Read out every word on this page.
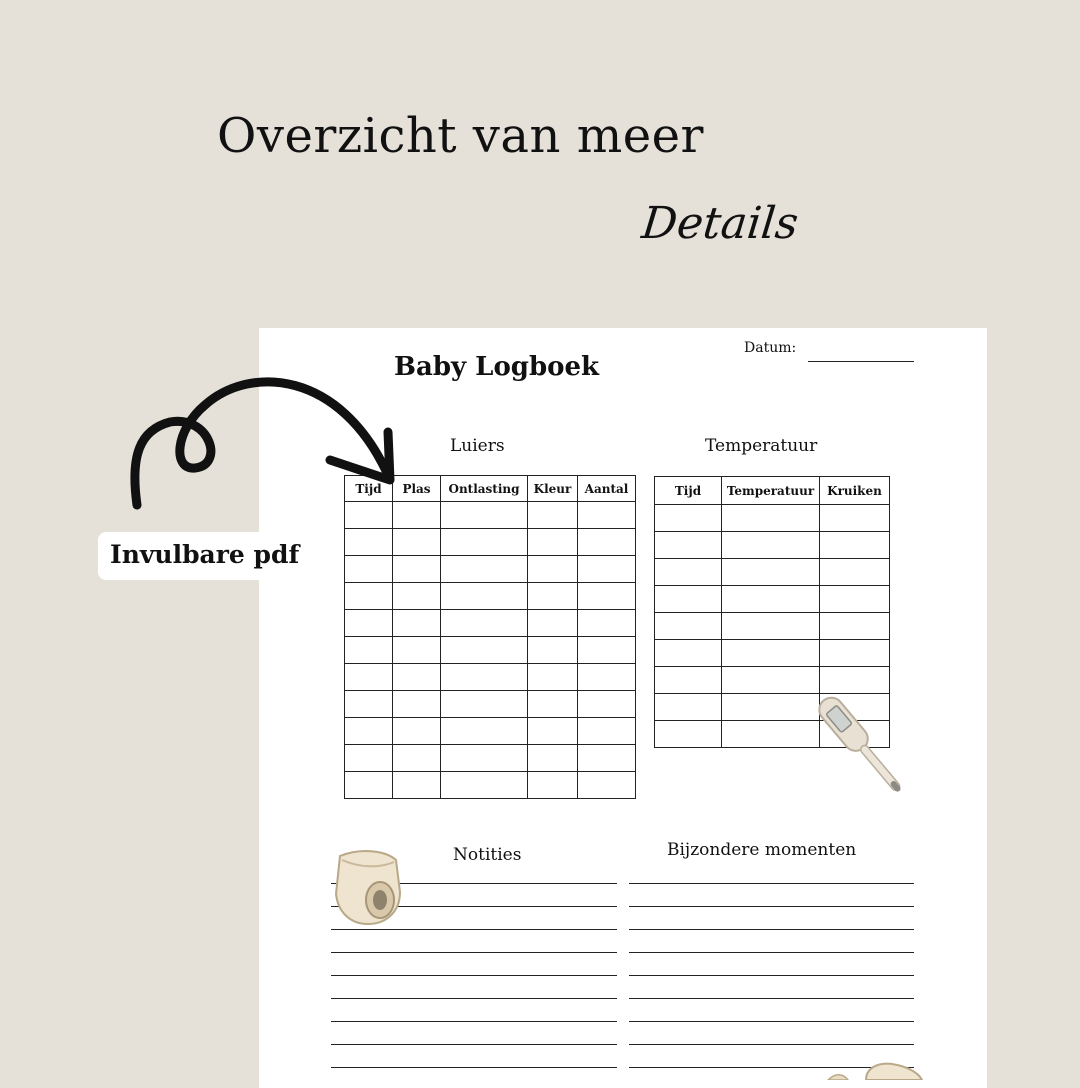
Overzicht van meer
Details
Baby Logboek
Datum:
Luiers	Temperatuur
Tijd	Plas	Ontlasting	Kleur	Aantal

					Tijd	Temperatuur	Kruiken

Notities	Bijzondere momenten
Invulbare pdf
